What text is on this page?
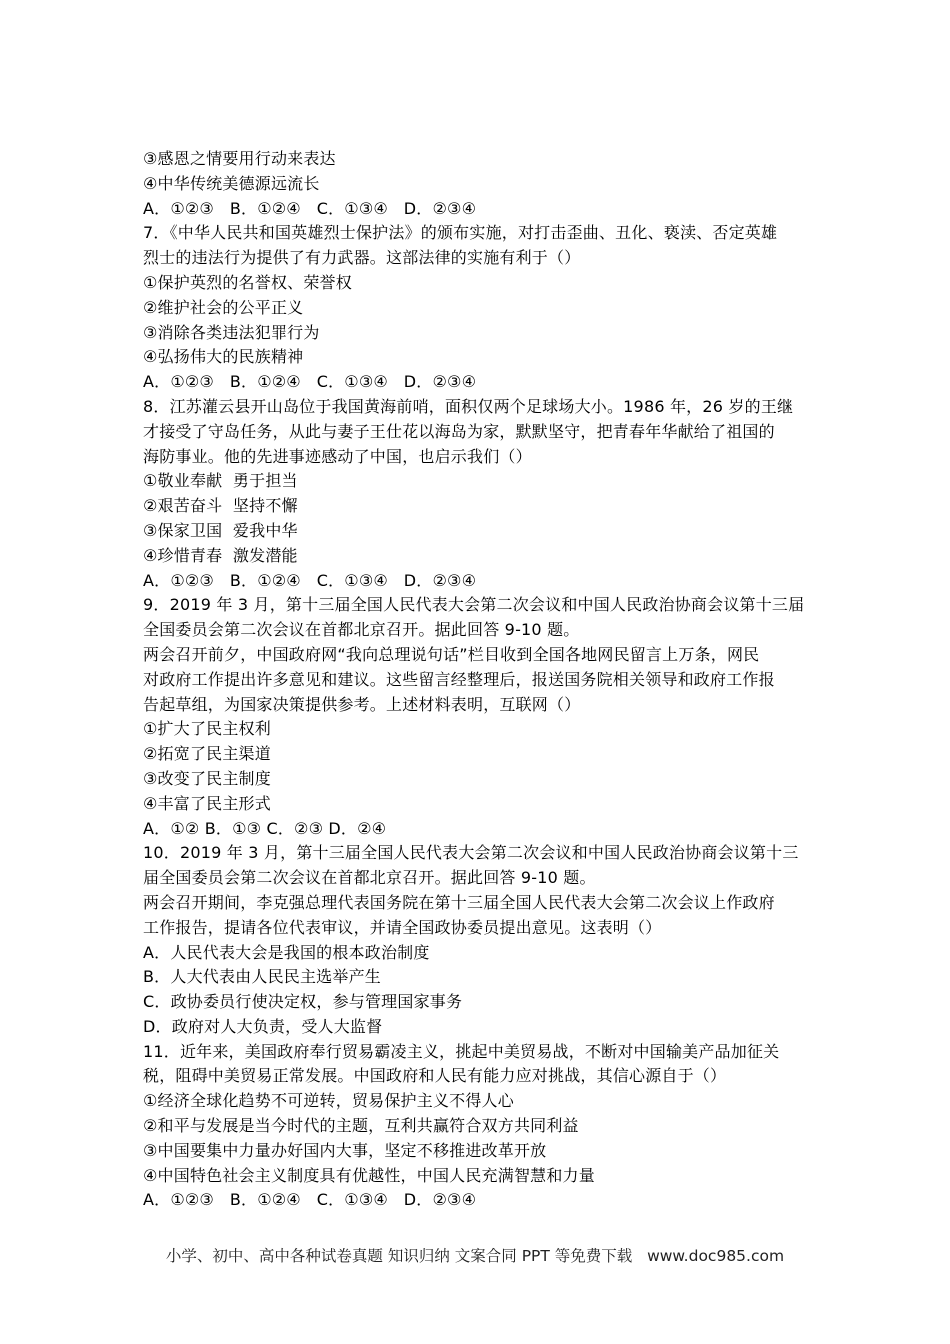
③感恩之情要用行动来表达
④中华传统美德源远流长
A．①②③   B．①②④   C．①③④   D．②③④
7．《中华人民共和国英雄烈士保护法》的颁布实施，对打击歪曲、丑化、亵渎、否定英雄
烈士的违法行为提供了有力武器。这部法律的实施有利于（）
①保护英烈的名誉权、荣誉权
②维护社会的公平正义
③消除各类违法犯罪行为
④弘扬伟大的民族精神
A．①②③   B．①②④   C．①③④   D．②③④
8．江苏灌云县开山岛位于我国黄海前哨，面积仅两个足球场大小。1986 年，26 岁的王继
才接受了守岛任务，从此与妻子王仕花以海岛为家，默默坚守，把青春年华献给了祖国的
海防事业。他的先进事迹感动了中国，也启示我们（）
①敬业奉献  勇于担当
②艰苦奋斗  坚持不懈
③保家卫国  爱我中华
④珍惜青春  激发潜能
A．①②③   B．①②④   C．①③④   D．②③④
9．2019 年 3 月，第十三届全国人民代表大会第二次会议和中国人民政治协商会议第十三届
全国委员会第二次会议在首都北京召开。据此回答 9-10 题。
两会召开前夕，中国政府网“我向总理说句话”栏目收到全国各地网民留言上万条，网民
对政府工作提出许多意见和建议。这些留言经整理后，报送国务院相关领导和政府工作报
告起草组，为国家决策提供参考。上述材料表明，互联网（）
①扩大了民主权利
②拓宽了民主渠道
③改变了民主制度
④丰富了民主形式
A．①② B．①③ C．②③ D．②④
10．2019 年 3 月，第十三届全国人民代表大会第二次会议和中国人民政治协商会议第十三
届全国委员会第二次会议在首都北京召开。据此回答 9-10 题。
两会召开期间，李克强总理代表国务院在第十三届全国人民代表大会第二次会议上作政府
工作报告，提请各位代表审议，并请全国政协委员提出意见。这表明（）
A．人民代表大会是我国的根本政治制度
B．人大代表由人民民主选举产生
C．政协委员行使决定权，参与管理国家事务
D．政府对人大负责，受人大监督
11．近年来，美国政府奉行贸易霸凌主义，挑起中美贸易战，不断对中国输美产品加征关
税，阻碍中美贸易正常发展。中国政府和人民有能力应对挑战，其信心源自于（）
①经济全球化趋势不可逆转，贸易保护主义不得人心
②和平与发展是当今时代的主题，互利共赢符合双方共同利益
③中国要集中力量办好国内大事，坚定不移推进改革开放
④中国特色社会主义制度具有优越性，中国人民充满智慧和力量
A．①②③   B．①②④   C．①③④   D．②③④
小学、初中、高中各种试卷真题 知识归纳 文案合同 PPT 等免费下载   www.doc985.com
